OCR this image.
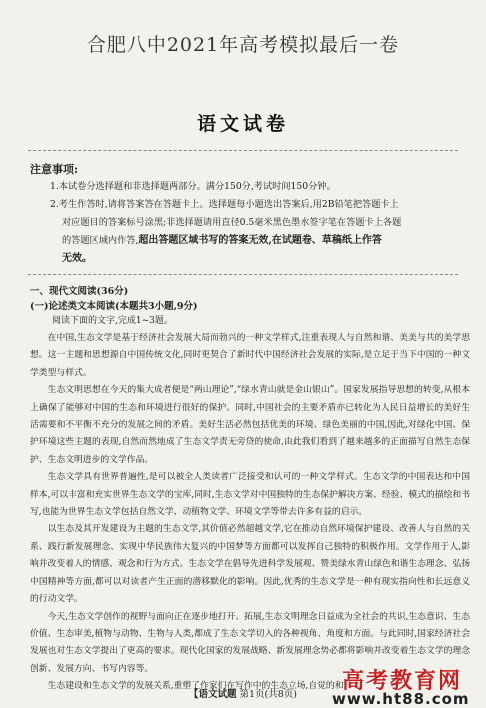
合肥八中2021年高考模拟最后一卷
语文试卷
注意事项:
1.本试卷分选择题和非选择题两部分。满分150分,考试时间150分钟。
2.考生作答时,请将答案答在答题卡上。选择题每小题选出答案后,用2B铅笔把答题卡上
对应题目的答案标号涂黑;非选择题请用直径0.5毫米黑色墨水签字笔在答题卡上各题
的答题区域内作答,超出答题区域书写的答案无效,在试题卷、草稿纸上作答
无效。
一、现代文阅读(36分)
(一)论述类文本阅读(本题共3小题,9分)
阅读下面的文字,完成1~3题。

在中国,生态文学是基于经济社会发展大局而勃兴的一种文学样式,注重表现人与自然和谐、美美与共的美学思想。这一主题和思想源自中国传统文化,同时更契合了新时代中国经济社会发展的实际,是立足于当下中国的一种文学类型与样式。

生态文明思想在今天的集大成者便是“两山理论”,“绿水青山就是金山银山”。国家发展指导思想的转变,从根本上确保了能够对中国的生态和环境进行很好的保护。同时,中国社会的主要矛盾亦已转化为人民日益增长的美好生活需要和不平衡不充分的发展之间的矛盾。美好生活必然包括优美的环境、绿色美丽的中国,因此,对绿化中国、保护环境这些主题的表现,自然而然地成了生态文学责无旁贷的使命,由此我们看到了越来越多的正面描写自然生态保护、生态文明进步的文学作品。

生态文学具有世界普遍性,是可以被全人类读者广泛接受和认可的一种文学样式。生态文学的中国表达和中国样本,可以丰富和充实世界生态文学的宝库,同时,生态文学对中国独特的生态保护解决方案、经验、模式的描绘和书写,也能为世界生态文学包括自然文学、动植物文学、环境文学等带去许多有益的启示。

以生态及其开发建设为主题的生态文学,其价值必然超越文学,它在推动自然环境保护建设、改善人与自然的关系、践行新发展理念、实现中华民族伟大复兴的中国梦等方面都可以发挥自己独特的积极作用。文学作用于人,影响并改变着人的情感、观念和行为方式。生态文学在倡导先进科学发展观、赞美绿水青山绿色和谐生态理念、弘扬中国精神等方面,都可以对读者产生正面的潜移默化的影响。因此,优秀的生态文学是一种有现实指向性和长远意义的行动文学。

今天,生态文学创作的视野与面向正在逐步地打开、拓展,生态文明理念日益成为全社会的共识,生态意识、生态价值、生态审美,植物与动物、生物与人类,都成了生态文学切入的各种视角、角度和方面。与此同时,国家经济社会发展也对生态文学提出了更高的要求。现代化国家的发展战略、新发展理念势必都将影响并改变着生态文学的理念创新、发展方向、书写内容等。

生态建设和生态文学的发展关系,重塑了作家们在写作中的生态立场,自觉的和

【语文试题 第1页(共8页)
高考教育网
www.ht88.com
